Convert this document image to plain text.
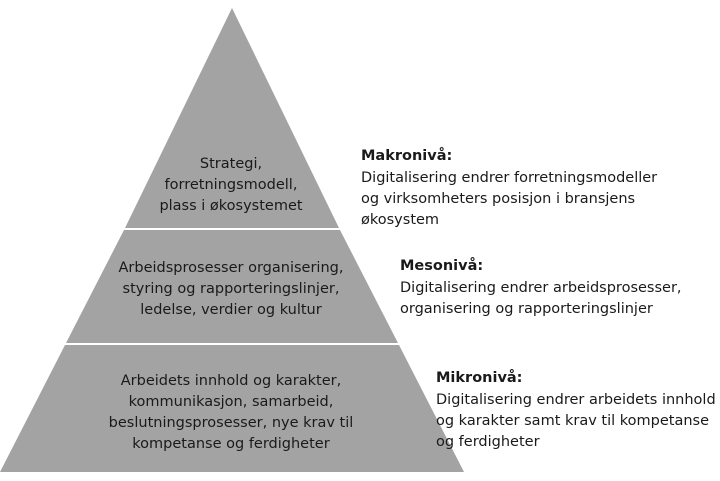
Strategi,
forretningsmodell,
plass i økosystemet
Arbeidsprosesser organisering,
styring og rapporteringslinjer,
ledelse, verdier og kultur
Arbeidets innhold og karakter,
kommunikasjon, samarbeid,
beslutningsprosesser, nye krav til
kompetanse og ferdigheter
Makronivå:
Digitalisering endrer forretningsmodeller
og virksomheters posisjon i bransjens
økosystem
Mesonivå:
Digitalisering endrer arbeidsprosesser,
organisering og rapporteringslinjer
Mikronivå:
Digitalisering endrer arbeidets innhold
og karakter samt krav til kompetanse
og ferdigheter
